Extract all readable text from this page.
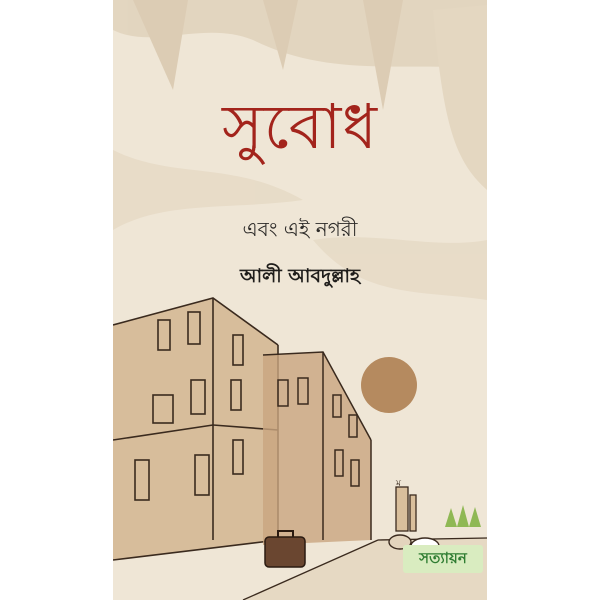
ম
সুবোধ
এবং এই নগরী
আলী আবদুল্লাহ
সত্যায়ন
